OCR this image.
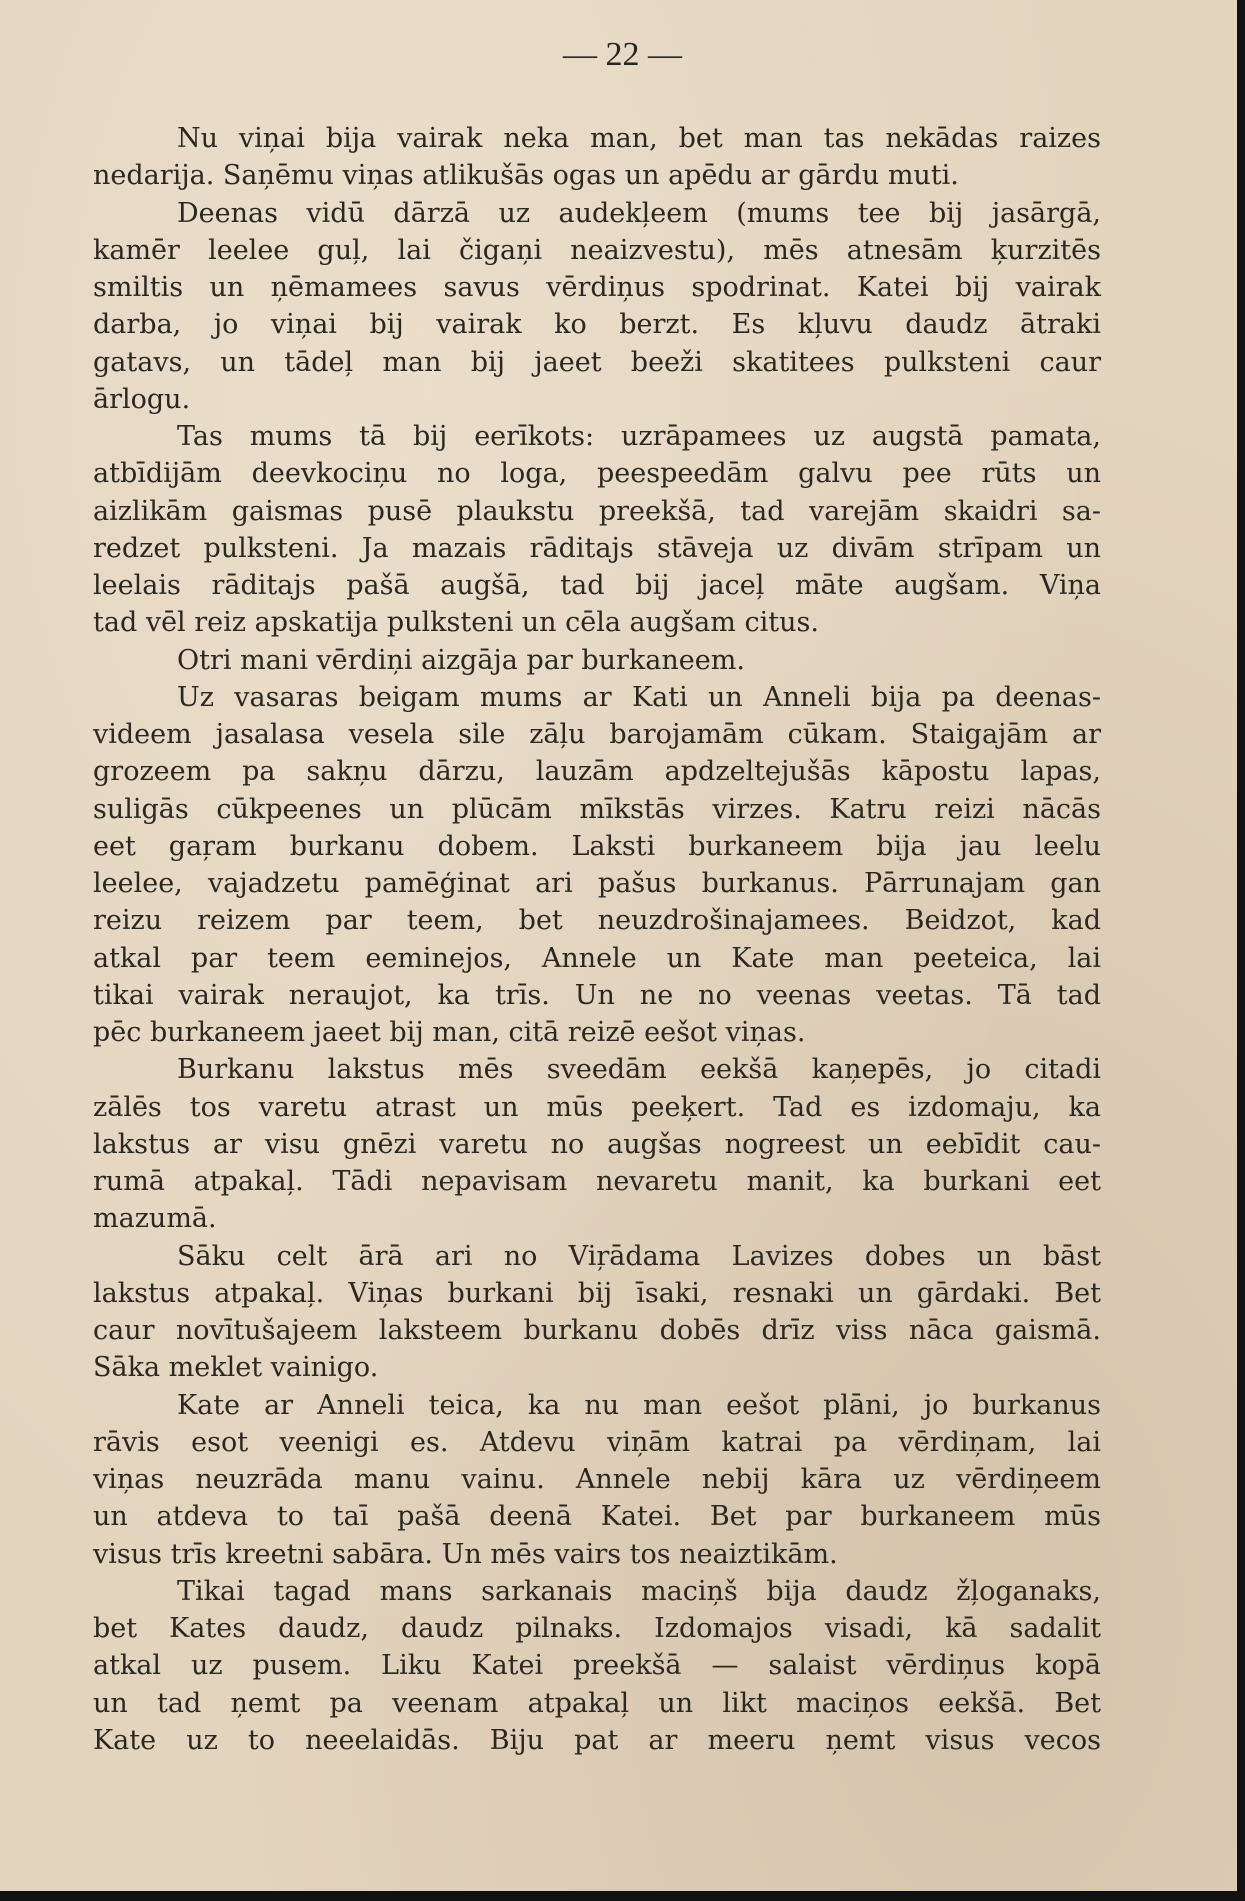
— 22 —
Nu viņai bija vairak neka man, bet man tas nekādas raizes
nedarija. Saņēmu viņas atlikušās ogas un apēdu ar gārdu muti.
Deenas vidū dārzā uz audekļeem (mums tee bij jasārgā,
kamēr leelee guļ, lai čigaņi neaizvestu), mēs atnesām ķurzitēs
smiltis un ņēmamees savus vērdiņus spodrinat. Katei bij vairak
darba, jo viņai bij vairak ko berzt. Es kļuvu daudz ātraki
gatavs, un tādeļ man bij jaeet beeži skatitees pulksteni caur
ārlogu.
Tas mums tā bij eerīkots: uzrāpamees uz augstā pamata,
atbīdijām deevkociņu no loga, peespeedām galvu pee rūts un
aizlikām gaismas pusē plaukstu preekšā, tad varejām skaidri sa-
redzet pulksteni. Ja mazais rāditajs stāveja uz divām strīpam un
leelais rāditajs pašā augšā, tad bij jaceļ māte augšam. Viņa
tad vēl reiz apskatija pulksteni un cēla augšam citus.
Otri mani vērdiņi aizgāja par burkaneem.
Uz vasaras beigam mums ar Kati un Anneli bija pa deenas-
videem jasalasa vesela sile zāļu barojamām cūkam. Staigajām ar
grozeem pa sakņu dārzu, lauzām apdzeltejušās kāpostu lapas,
suligās cūkpeenes un plūcām mīkstās virzes. Katru reizi nācās
eet gaŗam burkanu dobem. Laksti burkaneem bija jau leelu
leelee, vajadzetu pamēģinat ari pašus burkanus. Pārrunajam gan
reizu reizem par teem, bet neuzdrošinajamees. Beidzot, kad
atkal par teem eeminejos, Annele un Kate man peeteica, lai
tikai vairak neraujot, ka trīs. Un ne no veenas veetas. Tā tad
pēc burkaneem jaeet bij man, citā reizē eešot viņas.
Burkanu lakstus mēs sveedām eekšā kaņepēs, jo citadi
zālēs tos varetu atrast un mūs peeķert. Tad es izdomaju, ka
lakstus ar visu gnēzi varetu no augšas nogreest un eebīdit cau-
rumā atpakaļ. Tādi nepavisam nevaretu manit, ka burkani eet
mazumā.
Sāku celt ārā ari no Viŗādama Lavizes dobes un bāst
lakstus atpakaļ. Viņas burkani bij īsaki, resnaki un gārdaki. Bet
caur novītušajeem laksteem burkanu dobēs drīz viss nāca gaismā.
Sāka meklet vainigo.
Kate ar Anneli teica, ka nu man eešot plāni, jo burkanus
rāvis esot veenigi es. Atdevu viņām katrai pa vērdiņam, lai
viņas neuzrāda manu vainu. Annele nebij kāra uz vērdiņeem
un atdeva to taī pašā deenā Katei. Bet par burkaneem mūs
visus trīs kreetni sabāra. Un mēs vairs tos neaiztikām.
Tikai tagad mans sarkanais maciņš bija daudz žļoganaks,
bet Kates daudz, daudz pilnaks. Izdomajos visadi, kā sadalit
atkal uz pusem. Liku Katei preekšā — salaist vērdiņus kopā
un tad ņemt pa veenam atpakaļ un likt maciņos eekšā. Bet
Kate uz to neeelaidās. Biju pat ar meeru ņemt visus vecos
